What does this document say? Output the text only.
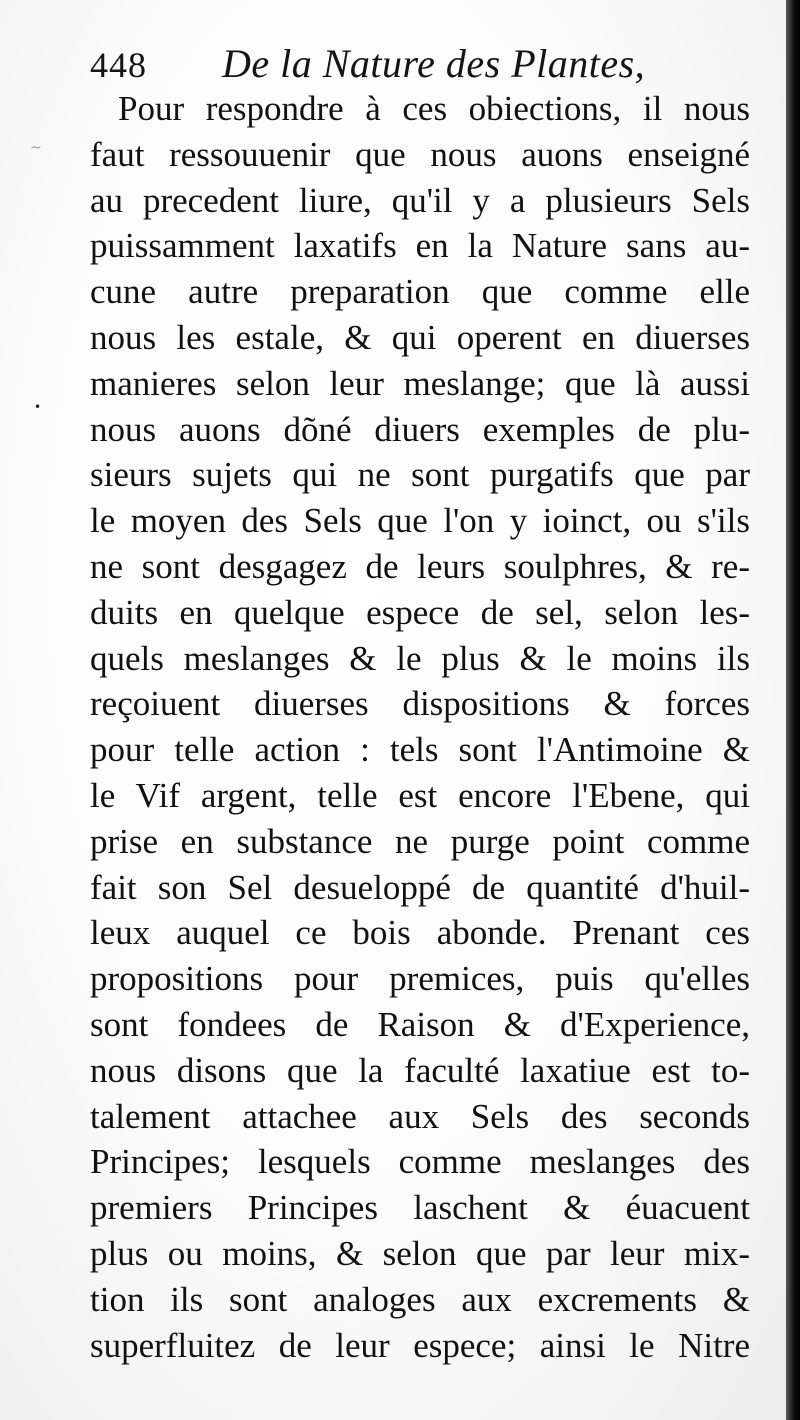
448 De la Nature des Plantes,
Pour respondre à ces obiections, il nous
faut ressouuenir que nous auons enseigné
au precedent liure, qu'il y a plusieurs Sels
puissamment laxatifs en la Nature sans au-
cune autre preparation que comme elle
nous les estale, & qui operent en diuerses
manieres selon leur meslange; que là aussi
nous auons dõné diuers exemples de plu-
sieurs sujets qui ne sont purgatifs que par
le moyen des Sels que l'on y ioinct, ou s'ils
ne sont desgagez de leurs soulphres, & re-
duits en quelque espece de sel, selon les-
quels meslanges & le plus & le moins ils
reçoiuent diuerses dispositions & forces
pour telle action : tels sont l'Antimoine &
le Vif argent, telle est encore l'Ebene, qui
prise en substance ne purge point comme
fait son Sel desueloppé de quantité d'huil-
leux auquel ce bois abonde. Prenant ces
propositions pour premices, puis qu'elles
sont fondees de Raison & d'Experience,
nous disons que la faculté laxatiue est to-
talement attachee aux Sels des seconds
Principes; lesquels comme meslanges des
premiers Principes laschent & éuacuent
plus ou moins, & selon que par leur mix-
tion ils sont analoges aux excrements &
superfluitez de leur espece; ainsi le Nitre
~
•
